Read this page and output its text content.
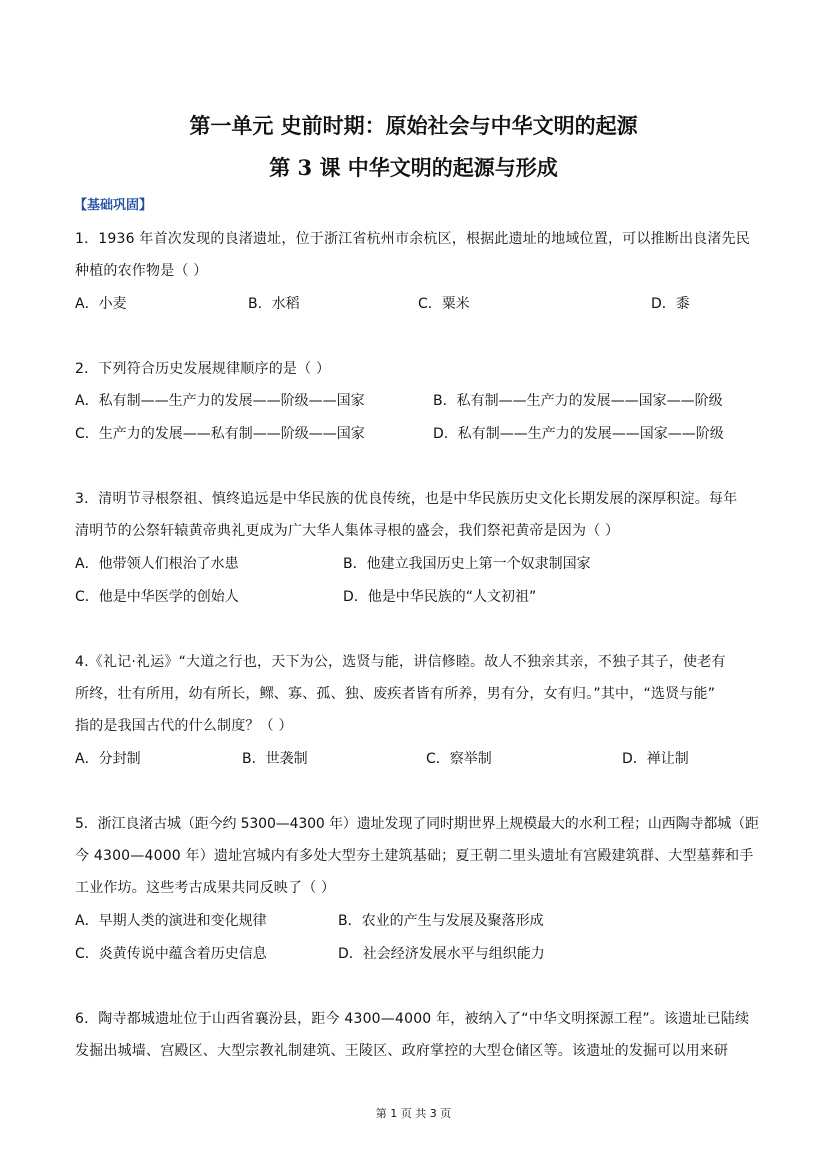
第一单元 史前时期：原始社会与中华文明的起源
第 3 课 中华文明的起源与形成
【基础巩固】
1．1936 年首次发现的良渚遗址，位于浙江省杭州市余杭区，根据此遗址的地域位置，可以推断出良渚先民
种植的农作物是（ ）
A．小麦	B．水稻	C．粟米	D．黍
2．下列符合历史发展规律顺序的是（ ）
A．私有制——生产力的发展——阶级——国家	B．私有制——生产力的发展——国家——阶级
C．生产力的发展——私有制——阶级——国家	D．私有制——生产力的发展——国家——阶级
3．清明节寻根祭祖、慎终追远是中华民族的优良传统，也是中华民族历史文化长期发展的深厚积淀。每年
清明节的公祭轩辕黄帝典礼更成为广大华人集体寻根的盛会，我们祭祀黄帝是因为（ ）
A．他带领人们根治了水患	B．他建立我国历史上第一个奴隶制国家
C．他是中华医学的创始人	D．他是中华民族的“人文初祖”
4.《礼记·礼运》“大道之行也，天下为公，选贤与能，讲信修睦。故人不独亲其亲，不独子其子，使老有
所终，壮有所用，幼有所长，鳏、寡、孤、独、废疾者皆有所养，男有分，女有归。”其中，“选贤与能”
指的是我国古代的什么制度？（ ）
A．分封制	B．世袭制	C．察举制	D．禅让制
5．浙江良渚古城（距今约 5300—4300 年）遗址发现了同时期世界上规模最大的水利工程；山西陶寺都城（距
今 4300—4000 年）遗址宫城内有多处大型夯土建筑基础；夏王朝二里头遗址有宫殿建筑群、大型墓葬和手
工业作坊。这些考古成果共同反映了（ ）
A．早期人类的演进和变化规律	B．农业的产生与发展及聚落形成
C．炎黄传说中蕴含着历史信息	D．社会经济发展水平与组织能力
6．陶寺都城遗址位于山西省襄汾县，距今 4300—4000 年，被纳入了“中华文明探源工程”。该遗址已陆续
发掘出城墙、宫殿区、大型宗教礼制建筑、王陵区、政府掌控的大型仓储区等。该遗址的发掘可以用来研
第 1 页 共 3 页
